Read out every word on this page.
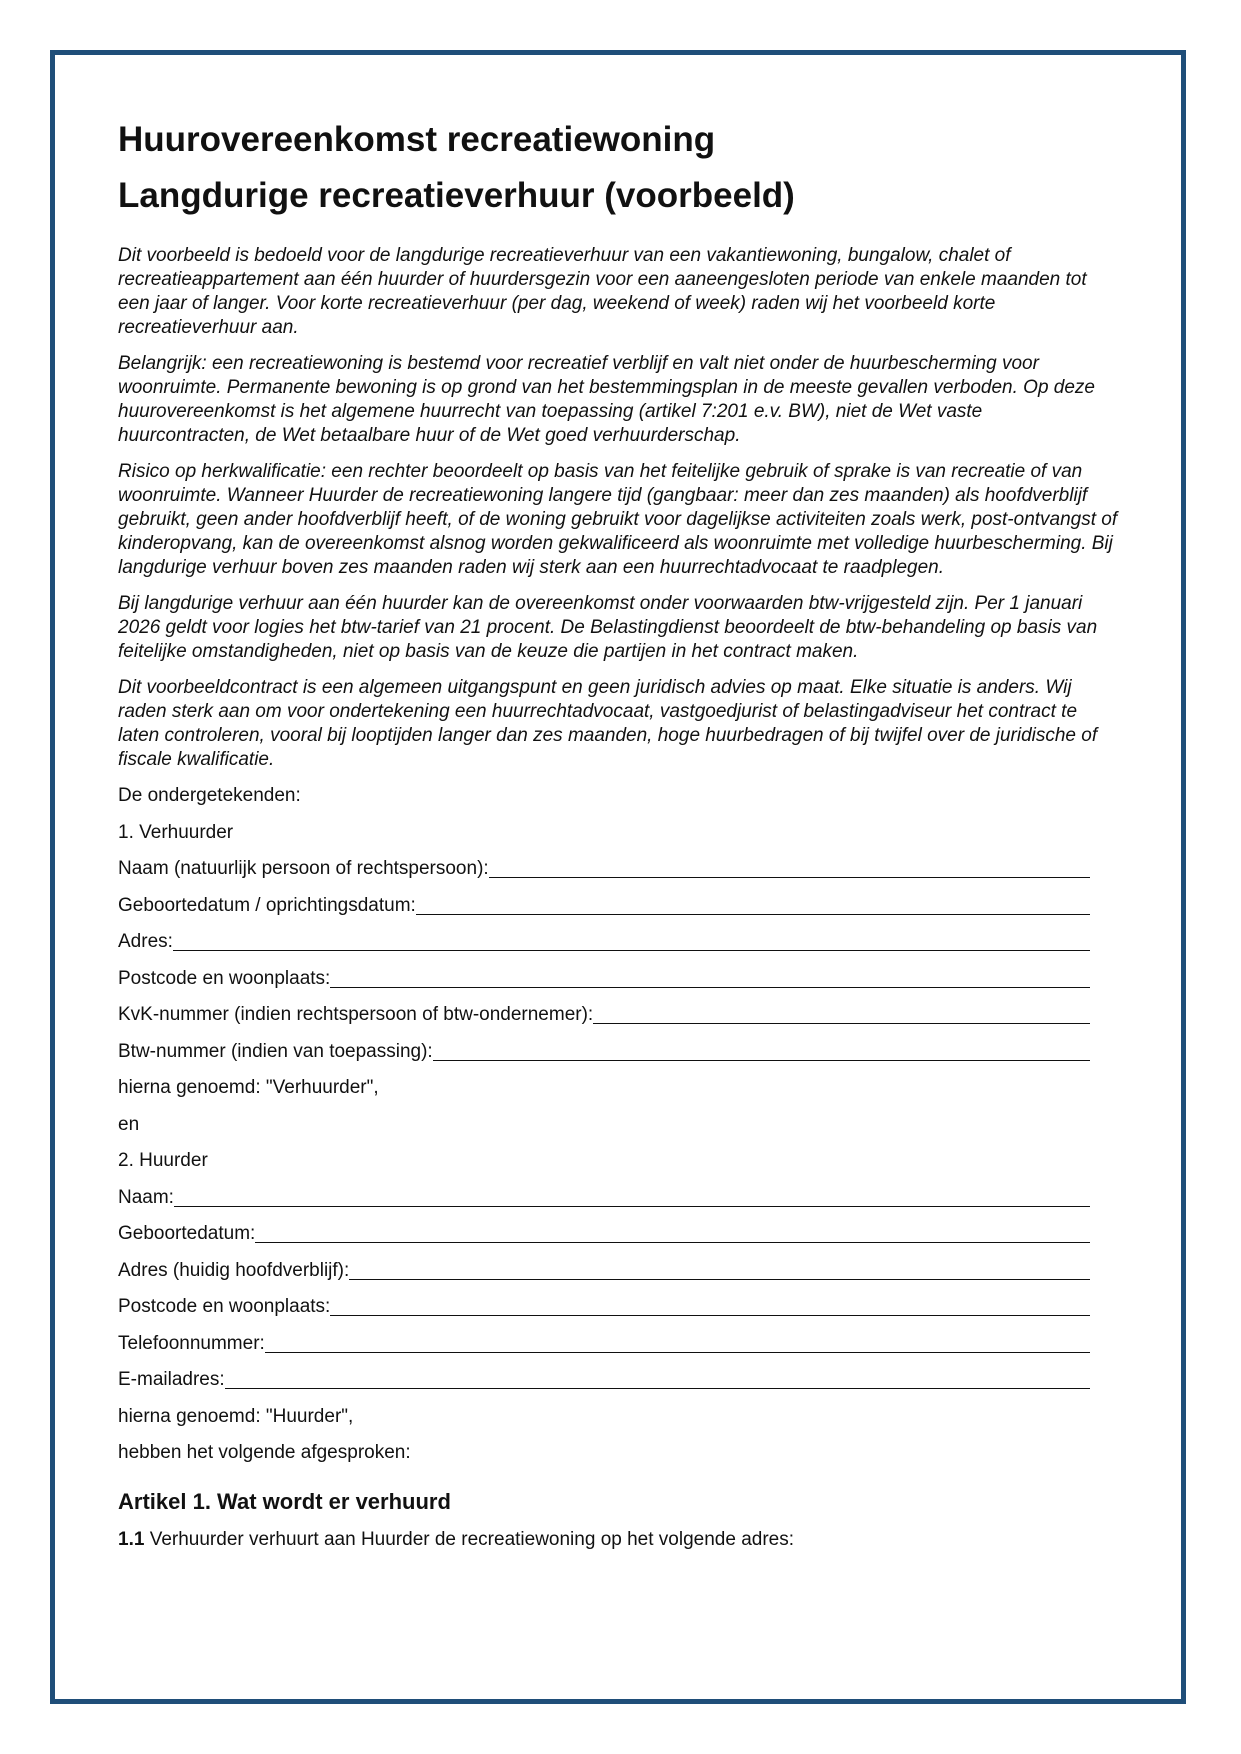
Huurovereenkomst recreatiewoning
Langdurige recreatieverhuur (voorbeeld)

Dit voorbeeld is bedoeld voor de langdurige recreatieverhuur van een vakantiewoning, bungalow, chalet of recreatieappartement aan één huurder of huurdersgezin voor een aaneengesloten periode van enkele maanden tot een jaar of langer. Voor korte recreatieverhuur (per dag, weekend of week) raden wij het voorbeeld korte recreatieverhuur aan.

Belangrijk: een recreatiewoning is bestemd voor recreatief verblijf en valt niet onder de huurbescherming voor woonruimte. Permanente bewoning is op grond van het bestemmingsplan in de meeste gevallen verboden. Op deze huurovereenkomst is het algemene huurrecht van toepassing (artikel 7:201 e.v. BW), niet de Wet vaste huurcontracten, de Wet betaalbare huur of de Wet goed verhuurderschap.

Risico op herkwalificatie: een rechter beoordeelt op basis van het feitelijke gebruik of sprake is van recreatie of van woonruimte. Wanneer Huurder de recreatiewoning langere tijd (gangbaar: meer dan zes maanden) als hoofdverblijf gebruikt, geen ander hoofdverblijf heeft, of de woning gebruikt voor dagelijkse activiteiten zoals werk, post-ontvangst of kinderopvang, kan de overeenkomst alsnog worden gekwalificeerd als woonruimte met volledige huurbescherming. Bij langdurige verhuur boven zes maanden raden wij sterk aan een huurrechtadvocaat te raadplegen.

Bij langdurige verhuur aan één huurder kan de overeenkomst onder voorwaarden btw-vrijgesteld zijn. Per 1 januari 2026 geldt voor logies het btw-tarief van 21 procent. De Belastingdienst beoordeelt de btw-behandeling op basis van feitelijke omstandigheden, niet op basis van de keuze die partijen in het contract maken.

Dit voorbeeldcontract is een algemeen uitgangspunt en geen juridisch advies op maat. Elke situatie is anders. Wij raden sterk aan om voor ondertekening een huurrechtadvocaat, vastgoedjurist of belastingadviseur het contract te laten controleren, vooral bij looptijden langer dan zes maanden, hoge huurbedragen of bij twijfel over de juridische of fiscale kwalificatie.

De ondergetekenden:
1. Verhuurder
Naam (natuurlijk persoon of rechtspersoon):
Geboortedatum / oprichtingsdatum:
Adres:
Postcode en woonplaats:
KvK-nummer (indien rechtspersoon of btw-ondernemer):
Btw-nummer (indien van toepassing):
hierna genoemd: "Verhuurder",
en
2. Huurder
Naam:
Geboortedatum:
Adres (huidig hoofdverblijf):
Postcode en woonplaats:
Telefoonnummer:
E-mailadres:
hierna genoemd: "Huurder",
hebben het volgende afgesproken:
Artikel 1. Wat wordt er verhuurd
1.1 Verhuurder verhuurt aan Huurder de recreatiewoning op het volgende adres:
